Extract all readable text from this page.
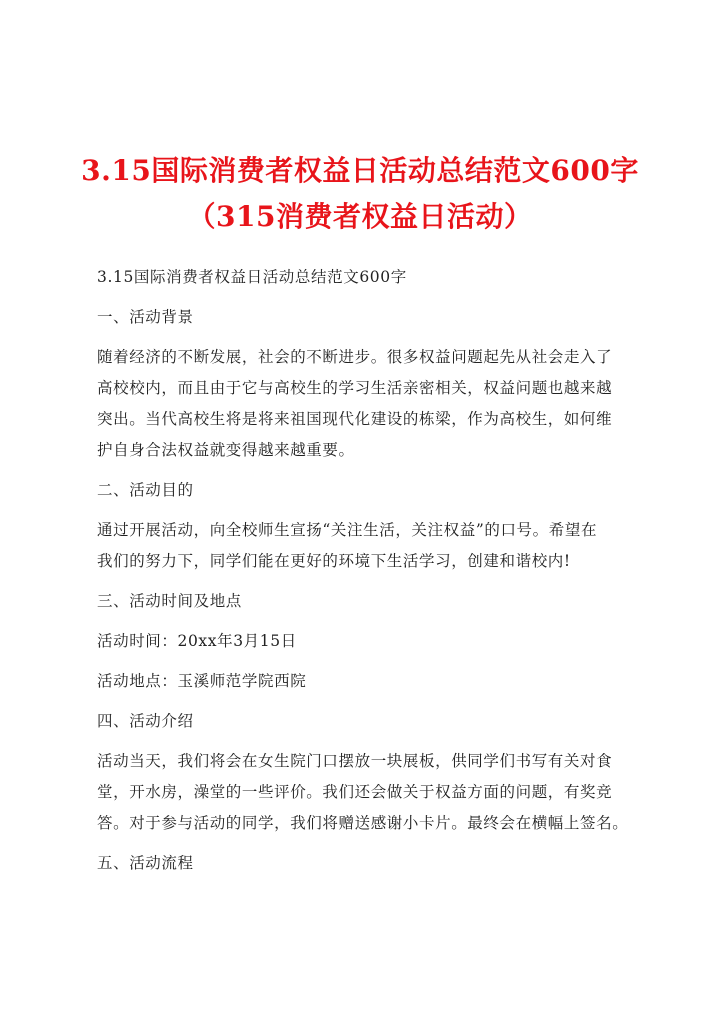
3.15国际消费者权益日活动总结范文600字
（315消费者权益日活动）

3.15国际消费者权益日活动总结范文600字

一、活动背景

随着经济的不断发展，社会的不断进步。很多权益问题起先从社会走入了

高校校内，而且由于它与高校生的学习生活亲密相关，权益问题也越来越

突出。当代高校生将是将来祖国现代化建设的栋梁，作为高校生，如何维

护自身合法权益就变得越来越重要。

二、活动目的

通过开展活动，向全校师生宣扬“关注生活，关注权益”的口号。希望在

我们的努力下，同学们能在更好的环境下生活学习，创建和谐校内!

三、活动时间及地点

活动时间：20xx年3月15日

活动地点：玉溪师范学院西院

四、活动介绍

活动当天，我们将会在女生院门口摆放一块展板，供同学们书写有关对食

堂，开水房，澡堂的一些评价。我们还会做关于权益方面的问题，有奖竞

答。对于参与活动的同学，我们将赠送感谢小卡片。最终会在横幅上签名。

五、活动流程
